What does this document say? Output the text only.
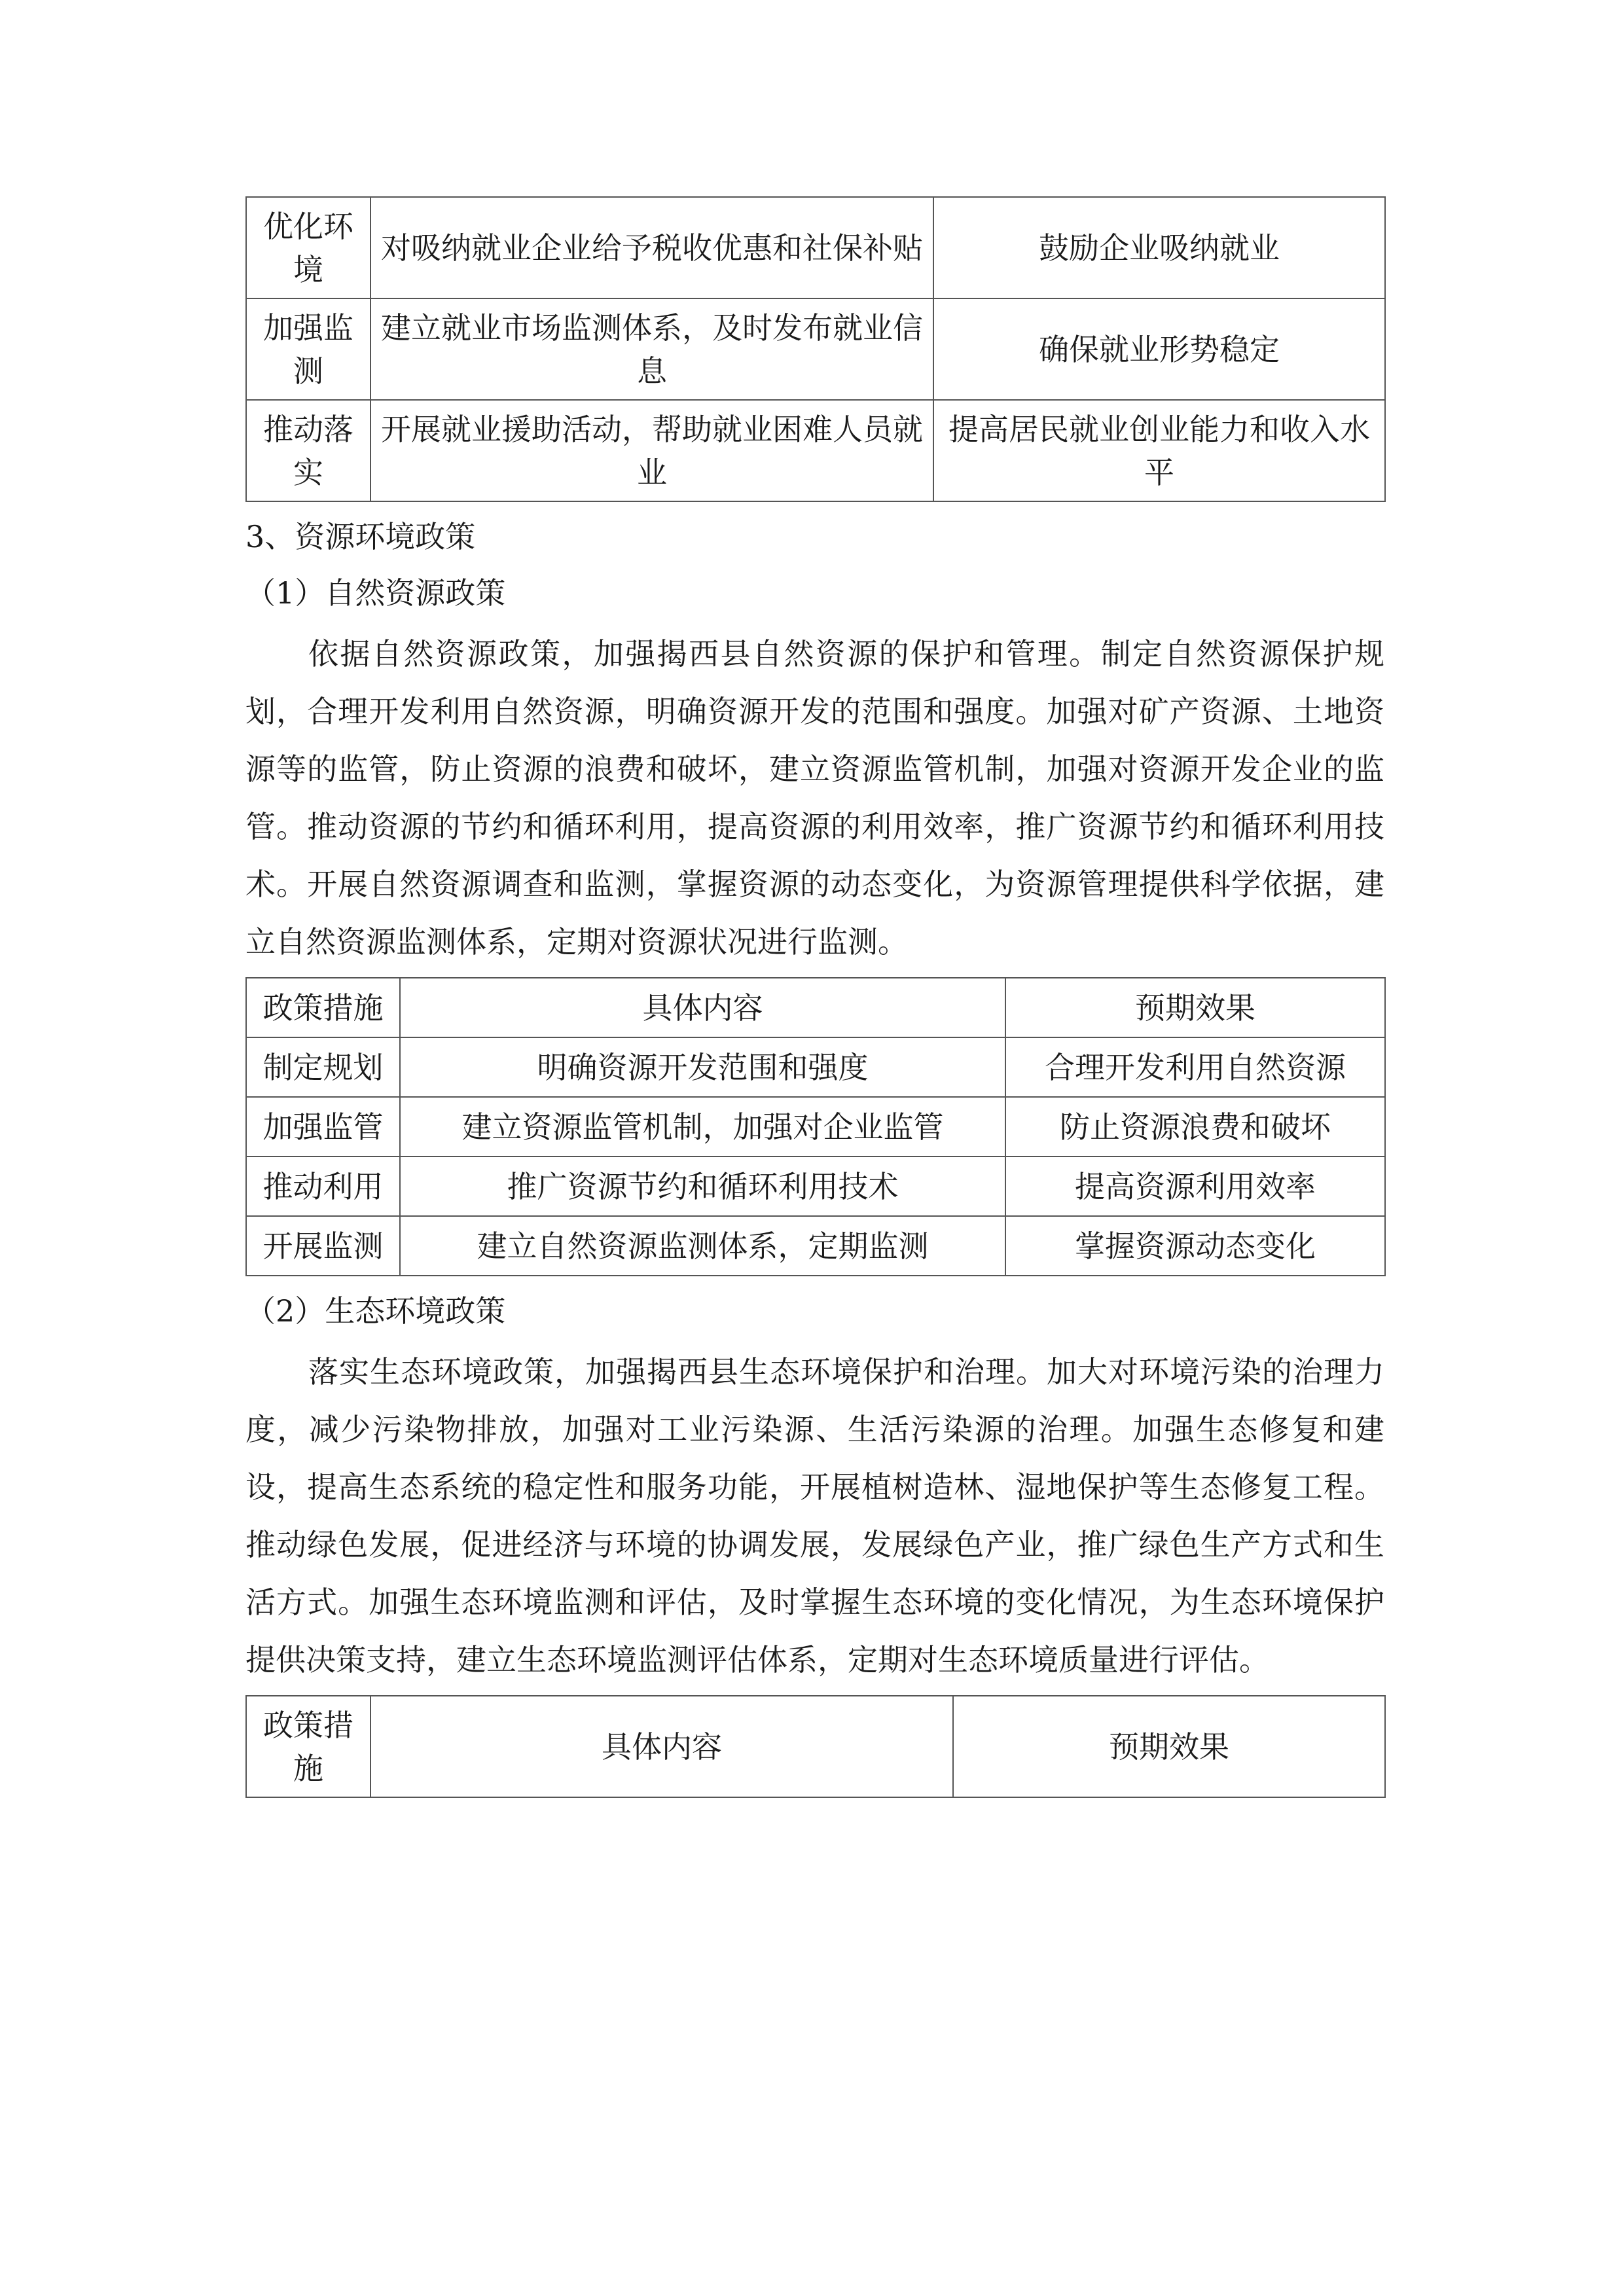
优化环境	对吸纳就业企业给予税收优惠和社保补贴	鼓励企业吸纳就业
加强监测	建立就业市场监测体系，及时发布就业信息	确保就业形势稳定
推动落实	开展就业援助活动，帮助就业困难人员就业	提高居民就业创业能力和收入水平
3、资源环境政策
（1）自然资源政策

依据自然资源政策，加强揭西县自然资源的保护和管理。制定自然资源保护规划，合理开发利用自然资源，明确资源开发的范围和强度。加强对矿产资源、土地资源等的监管，防止资源的浪费和破坏，建立资源监管机制，加强对资源开发企业的监管。推动资源的节约和循环利用，提高资源的利用效率，推广资源节约和循环利用技术。开展自然资源调查和监测，掌握资源的动态变化，为资源管理提供科学依据，建立自然资源监测体系，定期对资源状况进行监测。

政策措施	具体内容	预期效果
制定规划	明确资源开发范围和强度	合理开发利用自然资源
加强监管	建立资源监管机制，加强对企业监管	防止资源浪费和破坏
推动利用	推广资源节约和循环利用技术	提高资源利用效率
开展监测	建立自然资源监测体系，定期监测	掌握资源动态变化
（2）生态环境政策

落实生态环境政策，加强揭西县生态环境保护和治理。加大对环境污染的治理力度，减少污染物排放，加强对工业污染源、生活污染源的治理。加强生态修复和建设，提高生态系统的稳定性和服务功能，开展植树造林、湿地保护等生态修复工程。推动绿色发展，促进经济与环境的协调发展，发展绿色产业，推广绿色生产方式和生活方式。加强生态环境监测和评估，及时掌握生态环境的变化情况，为生态环境保护提供决策支持，建立生态环境监测评估体系，定期对生态环境质量进行评估。

政策措施	具体内容	预期效果
